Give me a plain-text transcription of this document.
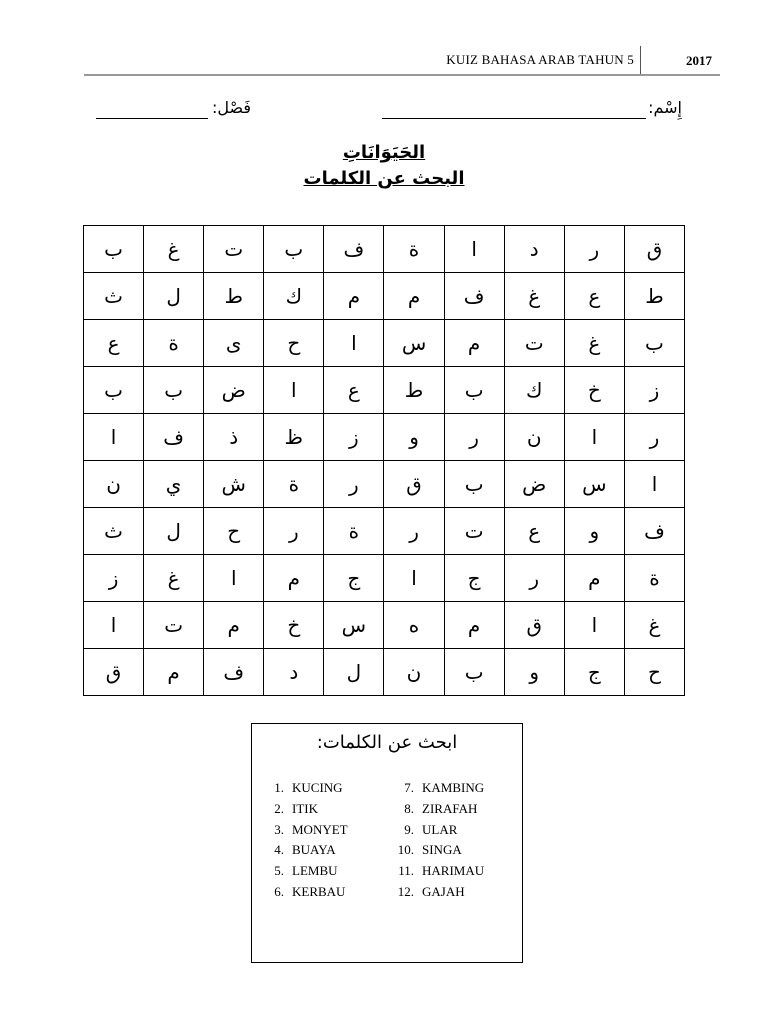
KUIZ BAHASA ARAB TAHUN 5	2017
إِسْم:
فَصْل:
الحَيَوَانَاتِ
البحث عن الكلمات
ق	ر	د	ا	ة	ف	ب	ت	غ	ب
ط	ع	غ	ف	م	م	ك	ط	ل	ث
ب	غ	ت	م	س	ا	ح	ى	ة	ع
ز	خ	ك	ب	ط	ع	ا	ض	ب	ب
ر	ا	ن	ر	و	ز	ظ	ذ	ف	ا
ا	س	ض	ب	ق	ر	ة	ش	ي	ن
ف	و	ع	ت	ر	ة	ر	ح	ل	ث
ة	م	ر	ج	ا	ج	م	ا	غ	ز
غ	ا	ق	م	ه	س	خ	م	ت	ا
ح	ج	و	ب	ن	ل	د	ف	م	ق
ابحث عن الكلمات:
1. KUCING
2. ITIK
3. MONYET
4. BUAYA
5. LEMBU
6. KERBAU
7. KAMBING
8. ZIRAFAH
9. ULAR
10. SINGA
11. HARIMAU
12. GAJAH
